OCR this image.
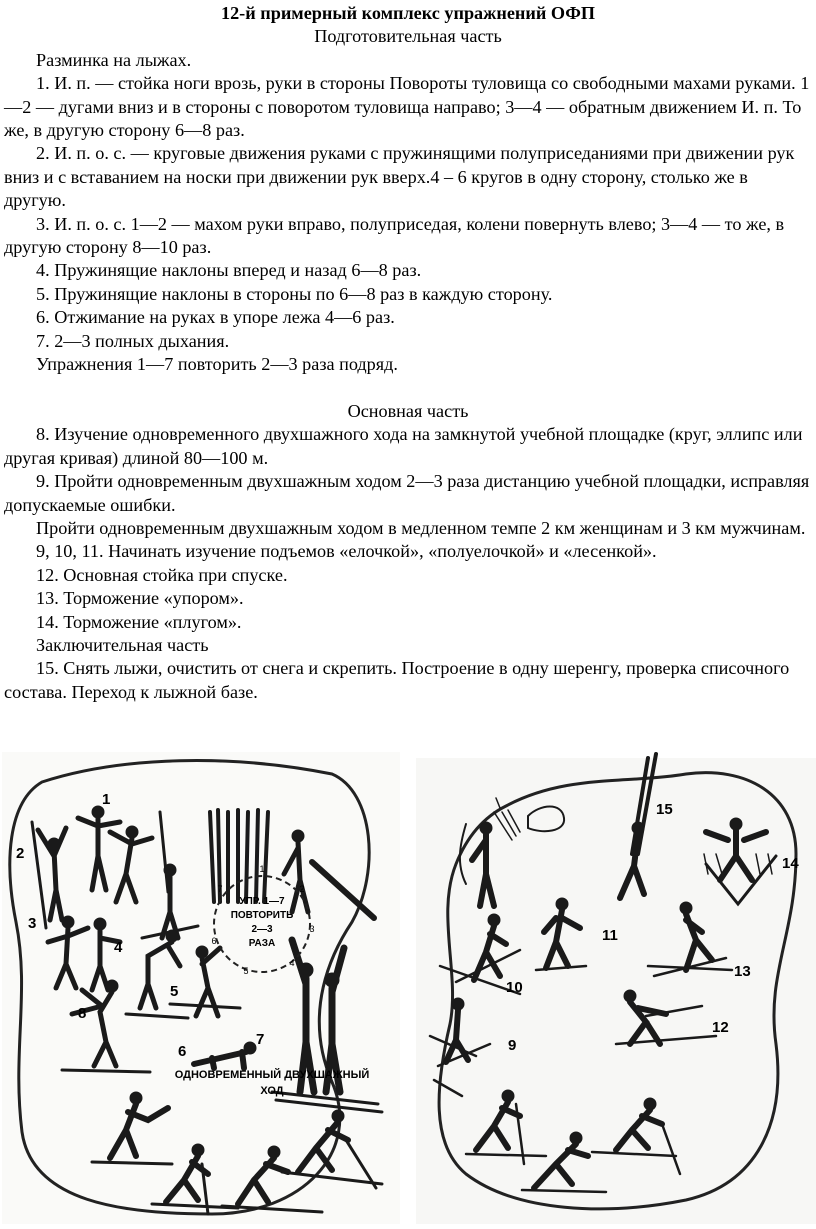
12-й примерный комплекс упражнений ОФП
Подготовительная часть

Разминка на лыжах.

1. И. п. — стойка ноги врозь, руки в стороны Повороты туловища со свободными махами руками. 1—2 — дугами вниз и в стороны с поворотом туловища направо; 3—4 — обратным движением И. п. То же, в другую сторону 6—8 раз.

2. И. п. о. с. — круговые движения руками с пружинящими полуприседаниями при движении рук вниз и с вставанием на носки при движении рук вверх.4 – 6 кругов в одну сторону, столько же в другую.

3. И. п. о. с. 1—2 — махом руки вправо, полуприседая, колени повернуть влево; 3—4 — то же, в другую сторону 8—10 раз.

4. Пружинящие наклоны вперед и назад 6—8 раз.

5. Пружинящие наклоны в стороны по 6—8 раз в каждую сторону.

6. Отжимание на руках в упоре лежа 4—6 раз.

7. 2—3 полных дыхания.

Упражнения 1—7 повторить 2—3 раза подряд.

Основная часть

8. Изучение одновременного двухшажного хода на замкнутой учебной площадке (круг, эллипс или другая кривая) длиной 80—100 м.

9. Пройти одновременным двухшажным ходом 2—3 раза дистанцию учебной площадки, исправляя допускаемые ошибки.

Пройти одновременным двухшажным ходом в медленном темпе 2 км женщинам и 3 км мужчинам.

9, 10, 11. Начинать изучение подъемов «елочкой», «полуелочкой» и «лесенкой».

12. Основная стойка при спуске.

13. Торможение «упором».

14. Торможение «плугом».

Заключительная часть

15. Снять лыжи, очистить от снега и скрепить. Построение в одну шеренгу, проверка списочного состава. Переход к лыжной базе.

УПР. 1—7
ПОВТОРИТЬ
2—3
РАЗА
1
2
3
4
5
6
7
1
2
3
4
5
6
7
8
ОДНОВРЕМЕННЫЙ ДВУХШАЖНЫЙ
ХОД
15
14
11
13
10
12
9
